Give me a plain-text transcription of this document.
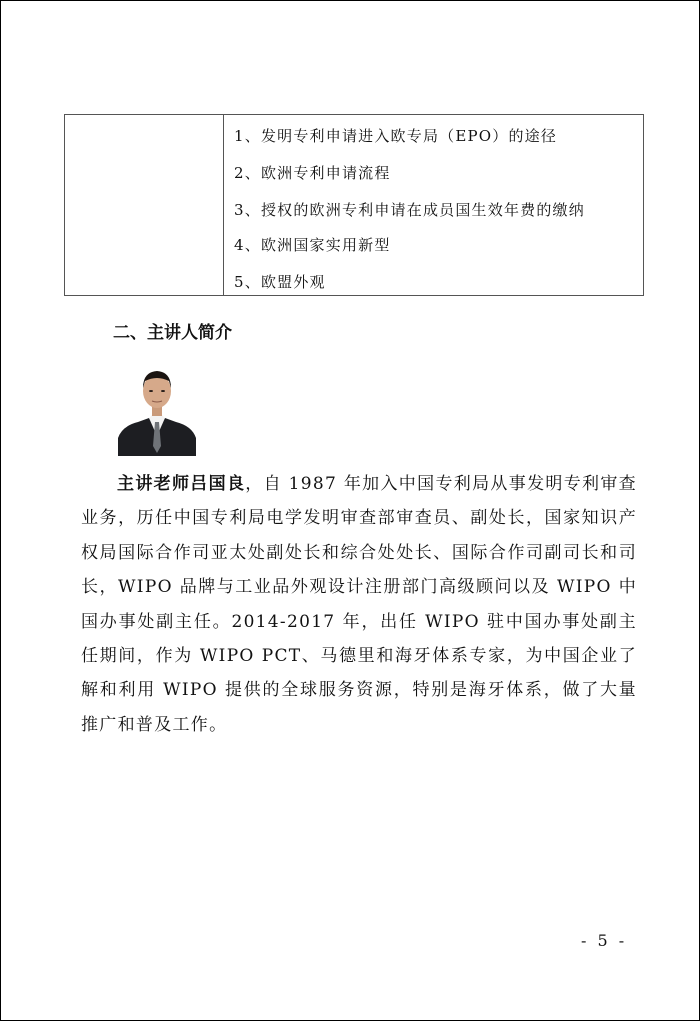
1、发明专利申请进入欧专局（EPO）的途径
2、欧洲专利申请流程
3、授权的欧洲专利申请在成员国生效年费的缴纳
4、欧洲国家实用新型
5、欧盟外观
二、主讲人简介

主讲老师吕国良，自 1987 年加入中国专利局从事发明专利审查业务，历任中国专利局电学发明审查部审查员、副处长，国家知识产权局国际合作司亚太处副处长和综合处处长、国际合作司副司长和司长，WIPO 品牌与工业品外观设计注册部门高级顾问以及 WIPO 中国办事处副主任。2014-2017 年，出任 WIPO 驻中国办事处副主任期间，作为 WIPO PCT、马德里和海牙体系专家，为中国企业了解和利用 WIPO 提供的全球服务资源，特别是海牙体系，做了大量推广和普及工作。

- 5 -
